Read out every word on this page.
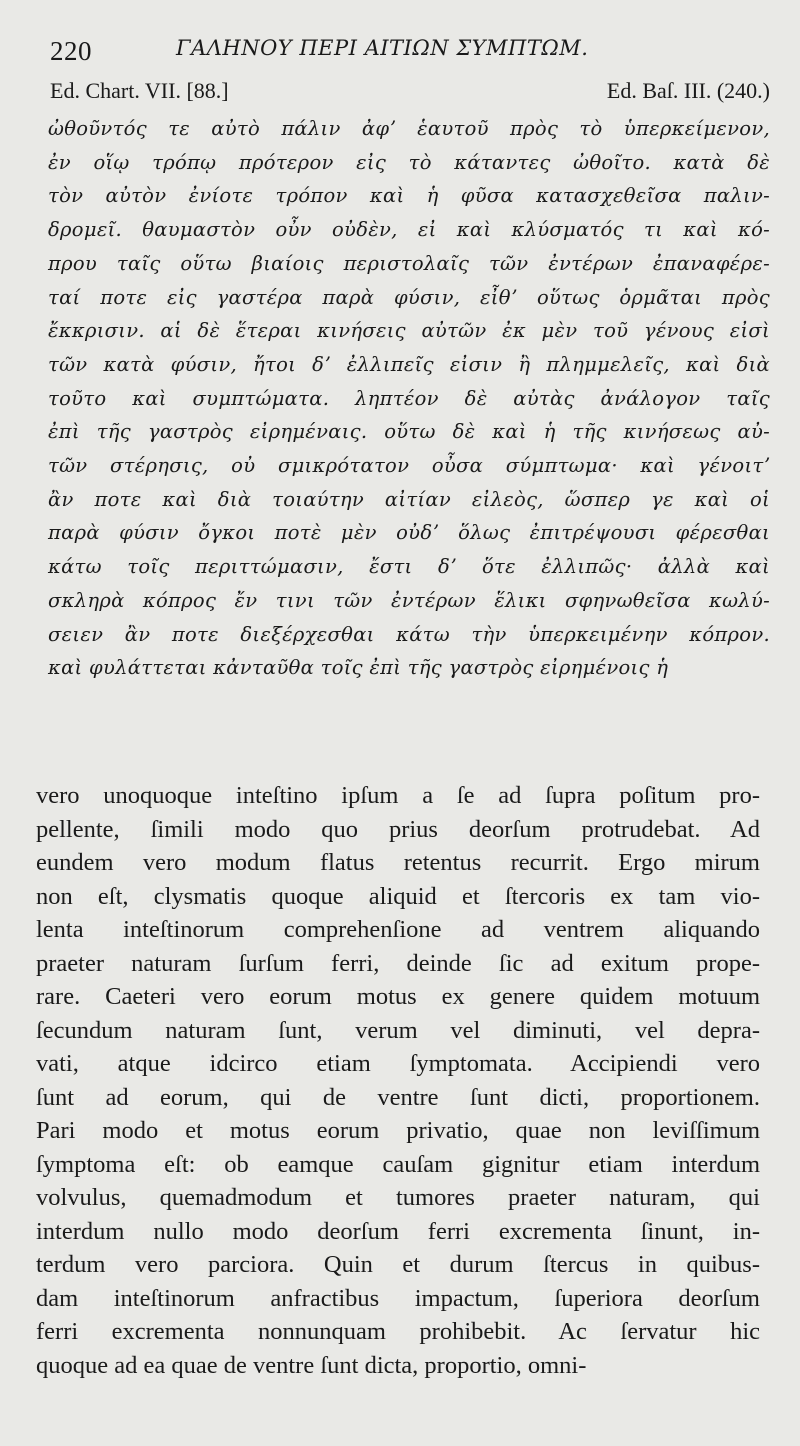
220	ΓΑΛΗΝΟΥ ΠΕΡΙ ΑΙΤΙΩΝ ΣΥΜΠΤΩΜ.
Ed. Chart. VII. [88.]	Ed. Baſ. III. (240.)
ὠθοῦντός τε αὐτὸ πάλιν ἀφʼ ἑαυτοῦ πρὸς τὸ ὑπερκείμενον,
ἐν οἵῳ τρόπῳ πρότερον εἰς τὸ κάταντες ὠθοῖτο. κατὰ δὲ
τὸν αὐτὸν ἐνίοτε τρόπον καὶ ἡ φῦσα κατασχεθεῖσα παλιν-
δρομεῖ. θαυμαστὸν οὖν οὐδὲν, εἰ καὶ κλύσματός τι καὶ κό-
πρου ταῖς οὕτω βιαίοις περιστολαῖς τῶν ἐντέρων ἐπαναφέρε-
ταί ποτε εἰς γαστέρα παρὰ φύσιν, εἶθʼ οὕτως ὁρμᾶται πρὸς
ἔκκρισιν. αἱ δὲ ἕτεραι κινήσεις αὐτῶν ἐκ μὲν τοῦ γένους εἰσὶ
τῶν κατὰ φύσιν, ἤτοι δʼ ἐλλιπεῖς εἰσιν ἢ πλημμελεῖς, καὶ διὰ
τοῦτο καὶ συμπτώματα. ληπτέον δὲ αὐτὰς ἀνάλογον ταῖς
ἐπὶ τῆς γαστρὸς εἰρημέναις. οὕτω δὲ καὶ ἡ τῆς κινήσεως αὐ-
τῶν στέρησις, οὐ σμικρότατον οὖσα σύμπτωμα· καὶ γένοιτʼ
ἂν ποτε καὶ διὰ τοιαύτην αἰτίαν εἰλεὸς, ὥσπερ γε καὶ οἱ
παρὰ φύσιν ὄγκοι ποτὲ μὲν οὐδʼ ὅλως ἐπιτρέψουσι φέρεσθαι
κάτω τοῖς περιττώμασιν, ἔστι δʼ ὅτε ἐλλιπῶς· ἀλλὰ καὶ
σκληρὰ κόπρος ἔν τινι τῶν ἐντέρων ἕλικι σφηνωθεῖσα κωλύ-
σειεν ἂν ποτε διεξέρχεσθαι κάτω τὴν ὑπερκειμένην κόπρον.
καὶ φυλάττεται κἀνταῦθα τοῖς ἐπὶ τῆς γαστρὸς εἰρημένοις ἡ
vero unoquoque inteſtino ipſum a ſe ad ſupra poſitum pro-
pellente, ſimili modo quo prius deorſum protrudebat. Ad
eundem vero modum flatus retentus recurrit. Ergo mirum
non eſt, clysmatis quoque aliquid et ſtercoris ex tam vio-
lenta inteſtinorum comprehenſione ad ventrem aliquando
praeter naturam ſurſum ferri, deinde ſic ad exitum prope-
rare. Caeteri vero eorum motus ex genere quidem motuum
ſecundum naturam ſunt, verum vel diminuti, vel depra-
vati, atque idcirco etiam ſymptomata. Accipiendi vero
ſunt ad eorum, qui de ventre ſunt dicti, proportionem.
Pari modo et motus eorum privatio, quae non leviſſimum
ſymptoma eſt: ob eamque cauſam gignitur etiam interdum
volvulus, quemadmodum et tumores praeter naturam, qui
interdum nullo modo deorſum ferri excrementa ſinunt, in-
terdum vero parciora. Quin et durum ſtercus in quibus-
dam inteſtinorum anfractibus impactum, ſuperiora deorſum
ferri excrementa nonnunquam prohibebit. Ac ſervatur hic
quoque ad ea quae de ventre ſunt dicta, proportio, omni-
